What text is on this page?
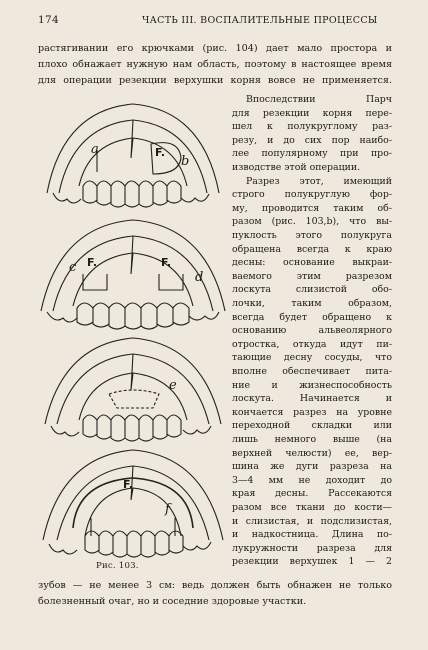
174	ЧАСТЬ III. ВОСПАЛИТЕЛЬНЫЕ ПРОЦЕССЫ
растягивании его крючками (рис. 104) дает мало простора и
плохо обнажает нужную нам область, поэтому в настоящее время
для операции резекции верхушки корня вовсе не применяется.
Впоследствии Парч
для резекции корня пере-
шел к полукруглому раз-
резу, и до сих пор наибо-
лее популярному при про-
изводстве этой операции.
Разрез этот, имеющий
строго полукруглую фор-
му, проводится таким об-
разом (рис. 103,b), что вы-
пуклость этого полукруга
обращена всегда к краю
десны: основание выкраи-
ваемого этим разрезом
лоскута слизистой обо-
лочки, таким образом,
всегда будет обращено к
основанию альвеолярного
отростка, откуда идут пи-
тающие десну сосуды, что
вполне обеспечивает пита-
ние и жизнеспособность
лоскута. Начинается и
кончается разрез на уровне
переходной складки или
лишь немного выше (на
верхней челюсти) ее, вер-
шина же дуги разреза на
3—4 мм не доходит до
края десны. Рассекаются
разом все ткани до кости—
и слизистая, и подслизистая,
и надкостница. Длина по-
лукружности разреза для
резекции верхушек 1 — 2
a
b
c
d
e
f
F.
F.	F.
F.
Рис. 103.
зубов — не менее 3 см: ведь должен быть обнажен не только
болезненный очаг, но и соседние здоровые участки.
